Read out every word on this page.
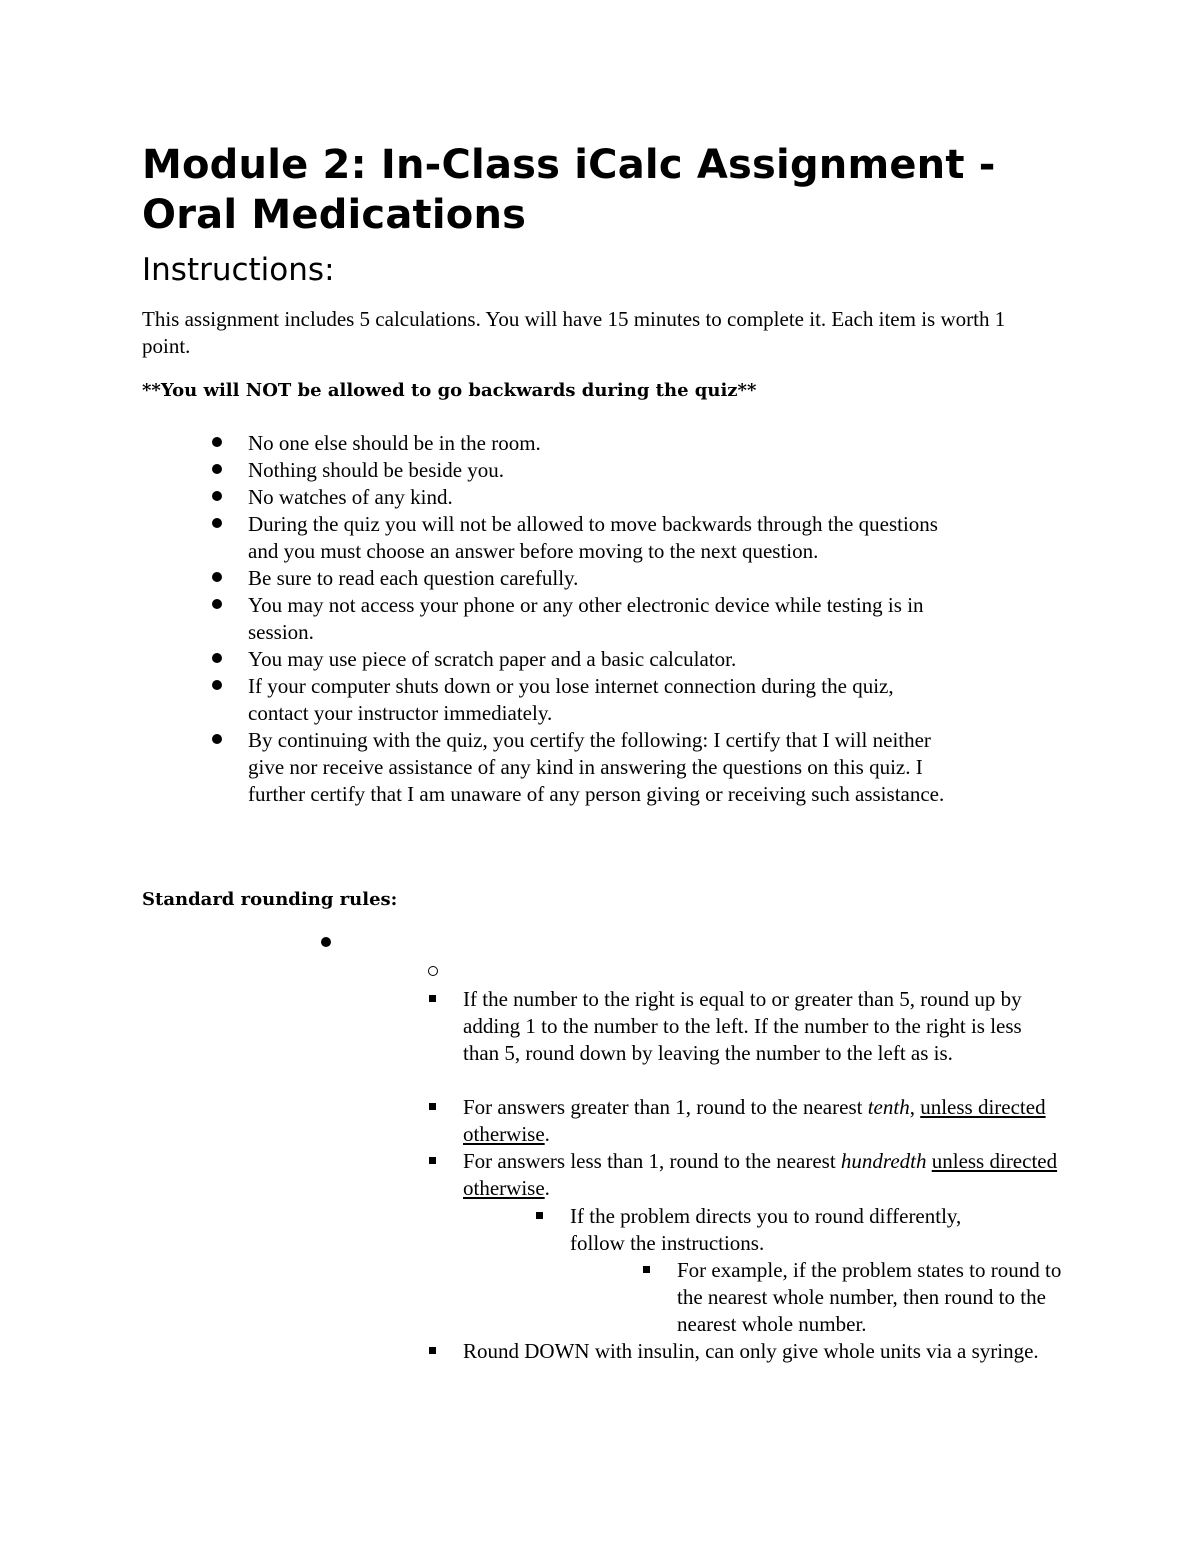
Module 2: In-Class iCalc Assignment - Oral Medications
Instructions:

This assignment includes 5 calculations. You will have 15 minutes to complete it. Each item is worth 1 point.

**You will NOT be allowed to go backwards during the quiz**

No one else should be in the room.
Nothing should be beside you.
No watches of any kind.
During the quiz you will not be allowed to move backwards through the questions and you must choose an answer before moving to the next question.
Be sure to read each question carefully.
You may not access your phone or any other electronic device while testing is in session.
You may use piece of scratch paper and a basic calculator.
If your computer shuts down or you lose internet connection during the quiz, contact your instructor immediately.
By continuing with the quiz, you certify the following: I certify that I will neither give nor receive assistance of any kind in answering the questions on this quiz. I further certify that I am unaware of any person giving or receiving such assistance.

Standard rounding rules:

If the number to the right is equal to or greater than 5, round up by adding 1 to the number to the left. If the number to the right is less than 5, round down by leaving the number to the left as is.
For answers greater than 1, round to the nearest tenth, unless directed otherwise.
For answers less than 1, round to the nearest hundredth unless directed otherwise.
If the problem directs you to round differently, follow the instructions.
For example, if the problem states to round to the nearest whole number, then round to the nearest whole number.
Round DOWN with insulin, can only give whole units via a syringe.
